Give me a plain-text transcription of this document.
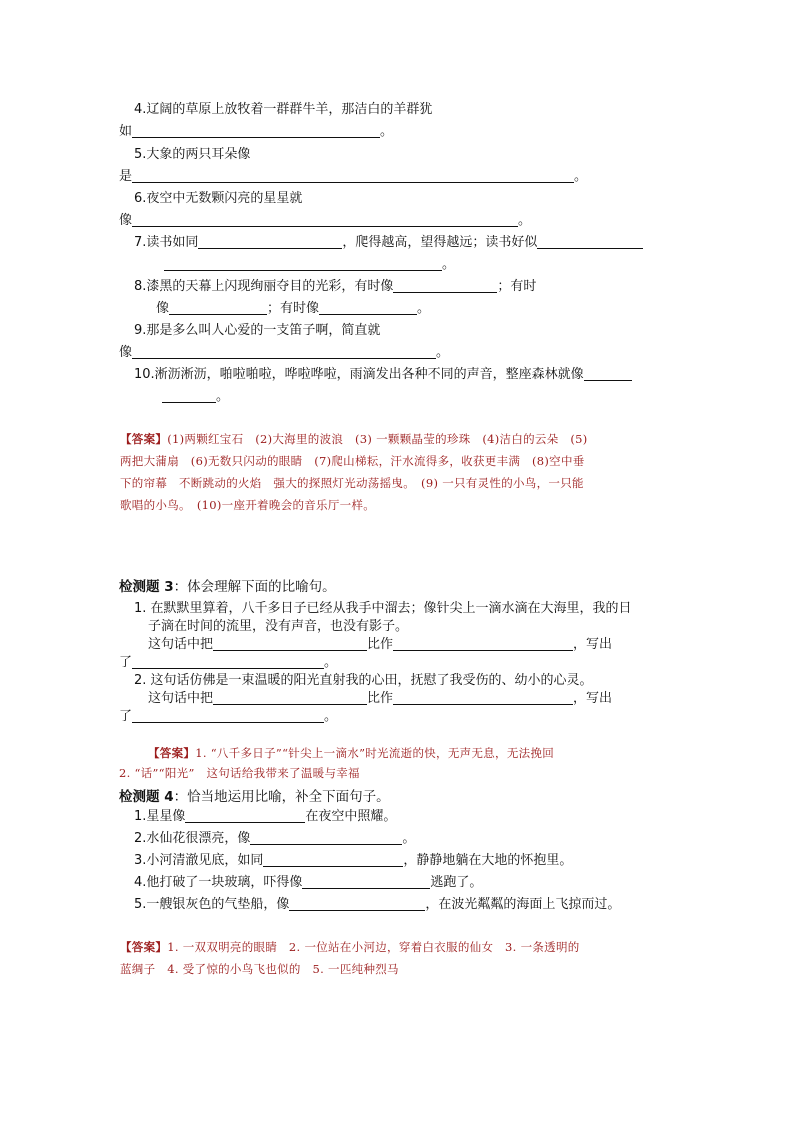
4.辽阔的草原上放牧着一群群牛羊，那洁白的羊群犹
如	。
5.大象的两只耳朵像
是	。
6.夜空中无数颗闪亮的星星就
像	。
7.读书如同	，爬得越高，望得越远；读书好似
。
8.漆黑的天幕上闪现绚丽夺目的光彩，有时像	；有时
像	；有时像	。
9.那是多么叫人心爱的一支笛子啊，简直就
像	。
10.淅沥淅沥，啪啦啪啦，哗啦哗啦，雨滴发出各种不同的声音，整座森林就像
。
【答案】(1)两颗红宝石　(2)大海里的波浪　(3) 一颗颗晶莹的珍珠　(4)洁白的云朵　(5)
两把大蒲扇　(6)无数只闪动的眼睛　(7)爬山梯耘，汗水流得多，收获更丰满　(8)空中垂
下的帘幕　不断跳动的火焰　强大的探照灯光动荡摇曳。　(9) 一只有灵性的小鸟，一只能
歌唱的小鸟。　(10)一座开着晚会的音乐厅一样。
检测题 3：体会理解下面的比喻句。
1. 在默默里算着，八千多日子已经从我手中溜去；像针尖上一滴水滴在大海里，我的日
子滴在时间的流里，没有声音，也没有影子。
这句话中把	比作	，写出
了	。
2. 这句话仿佛是一束温暖的阳光直射我的心田，抚慰了我受伤的、幼小的心灵。
这句话中把	比作	，写出
了	。
【答案】1. “八千多日子”“针尖上一滴水”时光流逝的快，无声无息，无法挽回
2. “话”“阳光”　这句话给我带来了温暖与幸福
检测题 4：恰当地运用比喻，补全下面句子。
1.星星像	在夜空中照耀。
2.水仙花很漂亮，像	。
3.小河清澈见底，如同	，静静地躺在大地的怀抱里。
4.他打破了一块玻璃，吓得像	逃跑了。
5.一艘银灰色的气垫船，像	，在波光粼粼的海面上飞掠而过。
【答案】1. 一双双明亮的眼睛　2. 一位站在小河边，穿着白衣服的仙女　3. 一条透明的
蓝绸子　4. 受了惊的小鸟飞也似的　5. 一匹纯种烈马
